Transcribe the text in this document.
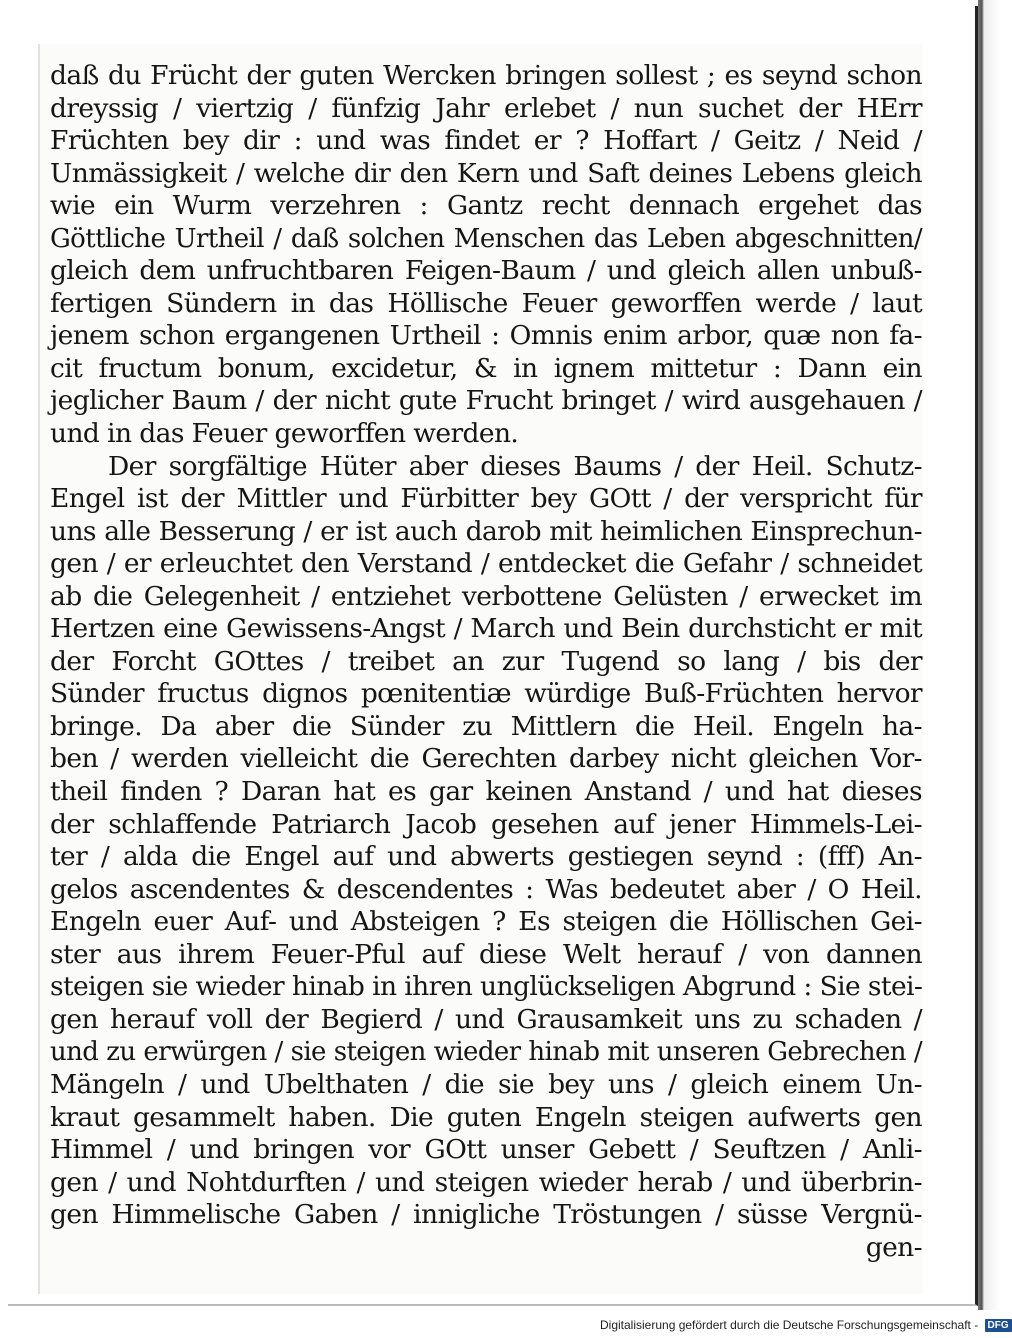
daß du Frücht der guten Wercken bringen sollest ; es seynd schon
dreyssig / viertzig / fünfzig Jahr erlebet / nun suchet der HErr
Früchten bey dir : und was findet er ? Hoffart / Geitz / Neid /
Unmässigkeit / welche dir den Kern und Saft deines Lebens gleich
wie ein Wurm verzehren : Gantz recht dennach ergehet das
Göttliche Urtheil / daß solchen Menschen das Leben abgeschnitten/
gleich dem unfruchtbaren Feigen-Baum / und gleich allen unbuß-
fertigen Sündern in das Höllische Feuer geworffen werde / laut
jenem schon ergangenen Urtheil : Omnis enim arbor, quæ non fa-
cit fructum bonum, excidetur, & in ignem mittetur : Dann ein
jeglicher Baum / der nicht gute Frucht bringet / wird ausgehauen /
und in das Feuer geworffen werden.
Der sorgfältige Hüter aber dieses Baums / der Heil. Schutz-
Engel ist der Mittler und Fürbitter bey GOtt / der verspricht für
uns alle Besserung / er ist auch darob mit heimlichen Einsprechun-
gen / er erleuchtet den Verstand / entdecket die Gefahr / schneidet
ab die Gelegenheit / entziehet verbottene Gelüsten / erwecket im
Hertzen eine Gewissens-Angst / March und Bein durchsticht er mit
der Forcht GOttes / treibet an zur Tugend so lang / bis der
Sünder fructus dignos pœnitentiæ würdige Buß-Früchten hervor
bringe. Da aber die Sünder zu Mittlern die Heil. Engeln ha-
ben / werden vielleicht die Gerechten darbey nicht gleichen Vor-
theil finden ? Daran hat es gar keinen Anstand / und hat dieses
der schlaffende Patriarch Jacob gesehen auf jener Himmels-Lei-
ter / alda die Engel auf und abwerts gestiegen seynd : (fff) An-
gelos ascendentes & descendentes : Was bedeutet aber / O Heil.
Engeln euer Auf- und Absteigen ? Es steigen die Höllischen Gei-
ster aus ihrem Feuer-Pful auf diese Welt herauf / von dannen
steigen sie wieder hinab in ihren unglückseligen Abgrund : Sie stei-
gen herauf voll der Begierd / und Grausamkeit uns zu schaden /
und zu erwürgen / sie steigen wieder hinab mit unseren Gebrechen /
Mängeln / und Ubelthaten / die sie bey uns / gleich einem Un-
kraut gesammelt haben. Die guten Engeln steigen aufwerts gen
Himmel / und bringen vor GOtt unser Gebett / Seuftzen / Anli-
gen / und Nohtdurften / und steigen wieder herab / und überbrin-
gen Himmelische Gaben / innigliche Tröstungen / süsse Vergnü-
gen-
Digitalisierung gefördert durch die Deutsche Forschungsgemeinschaft - DFG
